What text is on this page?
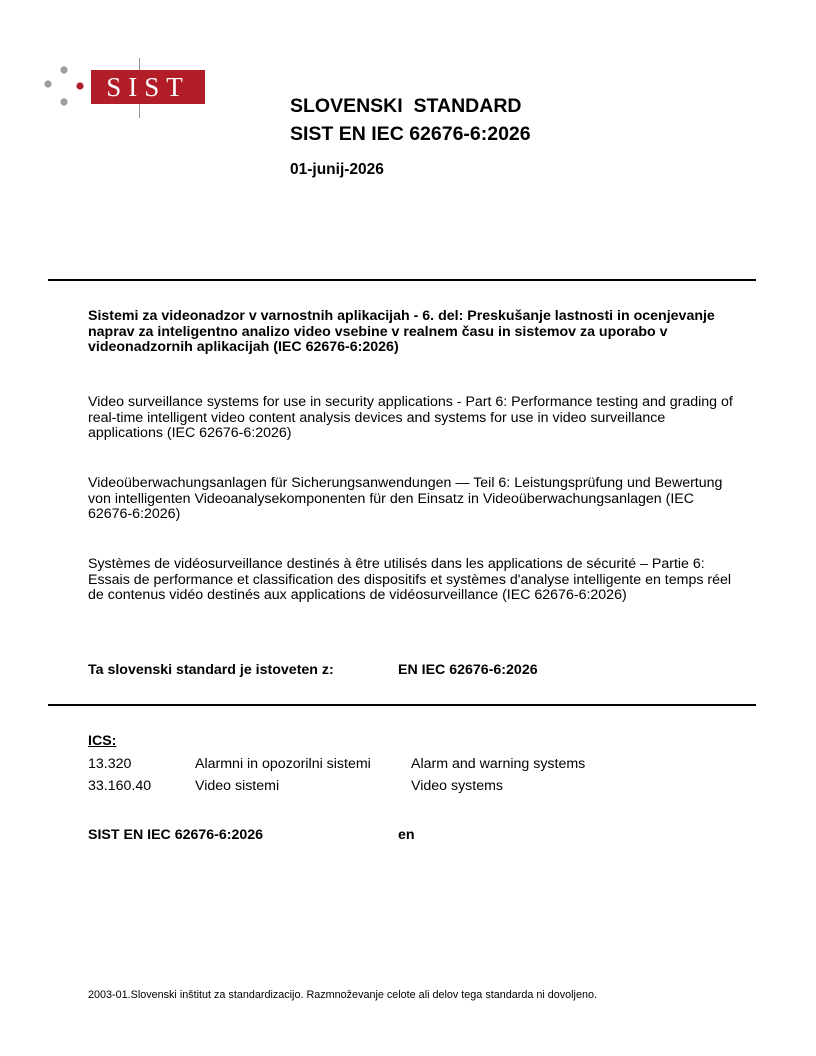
SIST
SLOVENSKI  STANDARD
SIST EN IEC 62676-6:2026
01-junij-2026
Sistemi za videonadzor v varnostnih aplikacijah - 6. del: Preskušanje lastnosti in ocenjevanje naprav za inteligentno analizo video vsebine v realnem času in sistemov za uporabo v videonadzornih aplikacijah (IEC 62676-6:2026)
Video surveillance systems for use in security applications - Part 6: Performance testing and grading of real-time intelligent video content analysis devices and systems for use in video surveillance applications (IEC 62676-6:2026)
Videoüberwachungsanlagen für Sicherungsanwendungen — Teil 6: Leistungsprüfung und Bewertung von intelligenten Videoanalysekomponenten für den Einsatz in Videoüberwachungsanlagen (IEC 62676-6:2026)
Systèmes de vidéosurveillance destinés à être utilisés dans les applications de sécurité – Partie 6: Essais de performance et classification des dispositifs et systèmes d'analyse intelligente en temps réel de contenus vidéo destinés aux applications de vidéosurveillance (IEC 62676-6:2026)
Ta slovenski standard je istoveten z:	EN IEC 62676-6:2026
ICS:
13.320	Alarmni in opozorilni sistemi	Alarm and warning systems
33.160.40	Video sistemi	Video systems
SIST EN IEC 62676-6:2026	en
2003-01.Slovenski inštitut za standardizacijo. Razmnoževanje celote ali delov tega standarda ni dovoljeno.
